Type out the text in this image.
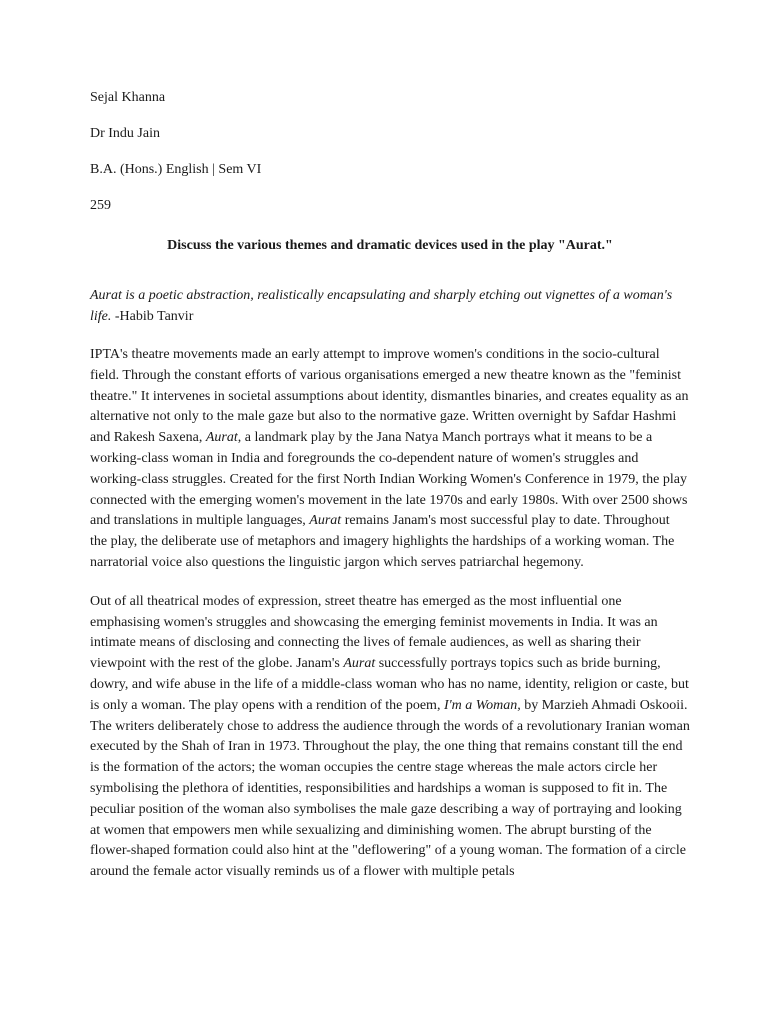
Sejal Khanna

Dr Indu Jain

B.A. (Hons.) English | Sem VI

259

Discuss the various themes and dramatic devices used in the play "Aurat."

Aurat is a poetic abstraction, realistically encapsulating and sharply etching out vignettes of a woman's life. -Habib Tanvir

IPTA's theatre movements made an early attempt to improve women's conditions in the socio-cultural field. Through the constant efforts of various organisations emerged a new theatre known as the "feminist theatre." It intervenes in societal assumptions about identity, dismantles binaries, and creates equality as an alternative not only to the male gaze but also to the normative gaze. Written overnight by Safdar Hashmi and Rakesh Saxena, Aurat, a landmark play by the Jana Natya Manch portrays what it means to be a working-class woman in India and foregrounds the co-dependent nature of women's struggles and working-class struggles. Created for the first North Indian Working Women's Conference in 1979, the play connected with the emerging women's movement in the late 1970s and early 1980s. With over 2500 shows and translations in multiple languages, Aurat remains Janam's most successful play to date. Throughout the play, the deliberate use of metaphors and imagery highlights the hardships of a working woman. The narratorial voice also questions the linguistic jargon which serves patriarchal hegemony.

Out of all theatrical modes of expression, street theatre has emerged as the most influential one emphasising women's struggles and showcasing the emerging feminist movements in India. It was an intimate means of disclosing and connecting the lives of female audiences, as well as sharing their viewpoint with the rest of the globe. Janam's Aurat successfully portrays topics such as bride burning, dowry, and wife abuse in the life of a middle-class woman who has no name, identity, religion or caste, but is only a woman. The play opens with a rendition of the poem, I'm a Woman, by Marzieh Ahmadi Oskooii. The writers deliberately chose to address the audience through the words of a revolutionary Iranian woman executed by the Shah of Iran in 1973. Throughout the play, the one thing that remains constant till the end is the formation of the actors; the woman occupies the centre stage whereas the male actors circle her symbolising the plethora of identities, responsibilities and hardships a woman is supposed to fit in. The peculiar position of the woman also symbolises the male gaze describing a way of portraying and looking at women that empowers men while sexualizing and diminishing women. The abrupt bursting of the flower-shaped formation could also hint at the "deflowering" of a young woman. The formation of a circle around the female actor visually reminds us of a flower with multiple petals
